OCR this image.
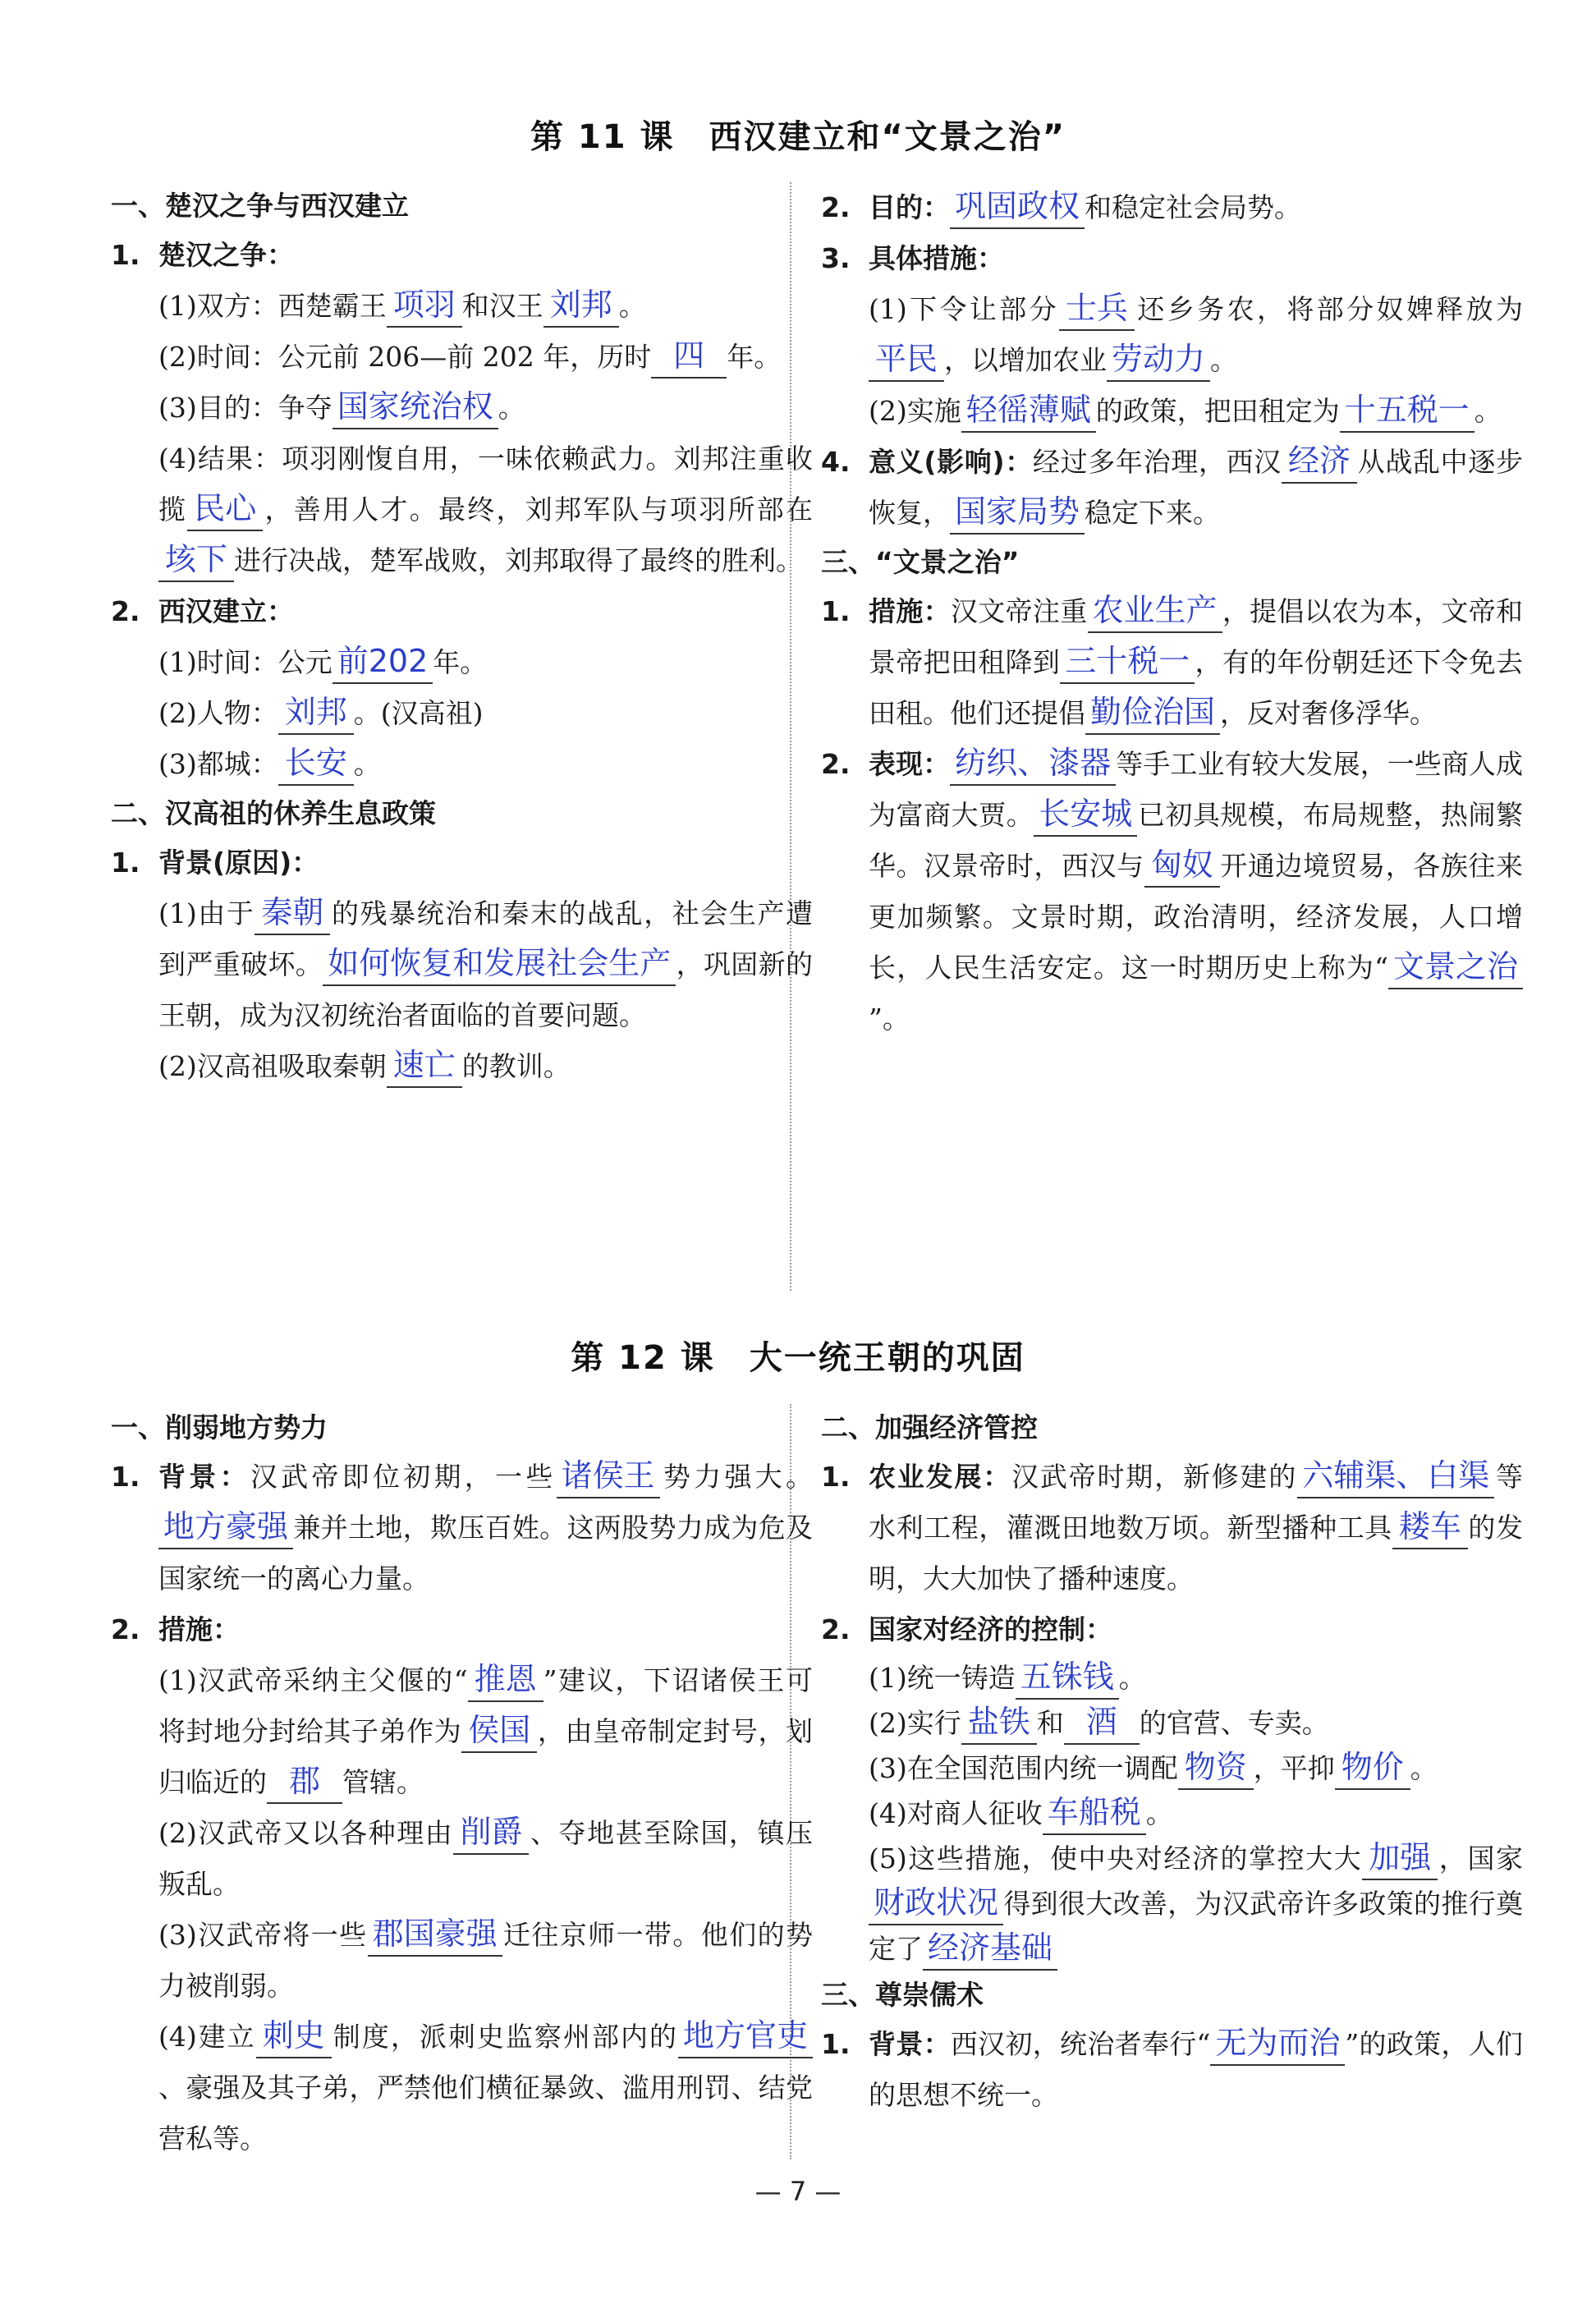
第 11 课　西汉建立和“文景之治”
一、楚汉之争与西汉建立
1. 楚汉之争：
(1)双方：西楚霸王 项羽 和汉王 刘邦 。
(2)时间：公元前 206—前 202 年，历时 四 年。
(3)目的：争夺 国家统治权 。
(4)结果：项羽刚愎自用，一味依赖武力。刘邦注重收揽 民心 ，善用人才。最终，刘邦军队与项羽所部在垓下 进行决战，楚军战败，刘邦取得了最终的胜利。
2. 西汉建立：
(1)时间：公元 前202 年。
(2)人物： 刘邦 。(汉高祖)
(3)都城： 长安 。
二、汉高祖的休养生息政策
1. 背景(原因)：
(1)由于 秦朝 的残暴统治和秦末的战乱，社会生产遭到严重破坏。 如何恢复和发展社会生产 ，巩固新的王朝，成为汉初统治者面临的首要问题。
(2)汉高祖吸取秦朝 速亡 的教训。
2. 目的： 巩固政权 和稳定社会局势。
3. 具体措施：
(1)下令让部分 士兵 还乡务农，将部分奴婢释放为平民 ，以增加农业 劳动力 。
(2)实施 轻徭薄赋 的政策，把田租定为 十五税一 。
4. 意义(影响)：经过多年治理，西汉 经济 从战乱中逐步恢复， 国家局势 稳定下来。
三、“文景之治”
1. 措施：汉文帝注重 农业生产 ，提倡以农为本，文帝和景帝把田租降到 三十税一 ，有的年份朝廷还下令免去田租。他们还提倡 勤俭治国 ，反对奢侈浮华。
2. 表现： 纺织、漆器 等手工业有较大发展，一些商人成为富商大贾。 长安城 已初具规模，布局规整，热闹繁华。汉景帝时，西汉与 匈奴 开通边境贸易，各族往来更加频繁。文景时期，政治清明，经济发展，人口增长，人民生活安定。这一时期历史上称为“ 文景之治”。
第 12 课　大一统王朝的巩固
一、削弱地方势力
1. 背景：汉武帝即位初期，一些 诸侯王 势力强大。地方豪强 兼并土地，欺压百姓。这两股势力成为危及国家统一的离心力量。
2. 措施：
(1)汉武帝采纳主父偃的“ 推恩 ”建议，下诏诸侯王可将封地分封给其子弟作为 侯国 ，由皇帝制定封号，划归临近的 郡 管辖。
(2)汉武帝又以各种理由 削爵 、夺地甚至除国，镇压叛乱。
(3)汉武帝将一些 郡国豪强 迁往京师一带。他们的势力被削弱。
(4)建立 刺史 制度，派刺史监察州部内的 地方官吏、豪强及其子弟，严禁他们横征暴敛、滥用刑罚、结党营私等。
二、加强经济管控
1. 农业发展：汉武帝时期，新修建的 六辅渠、白渠 等水利工程，灌溉田地数万顷。新型播种工具 耧车 的发明，大大加快了播种速度。
2. 国家对经济的控制：
(1)统一铸造 五铢钱 。
(2)实行 盐铁 和 酒 的官营、专卖。
(3)在全国范围内统一调配 物资 ，平抑 物价 。
(4)对商人征收 车船税 。
(5)这些措施，使中央对经济的掌控大大 加强 ，国家财政状况 得到很大改善，为汉武帝许多政策的推行奠定了 经济基础
三、尊崇儒术
1. 背景：西汉初，统治者奉行“ 无为而治 ”的政策，人们的思想不统一。
— 7 —
